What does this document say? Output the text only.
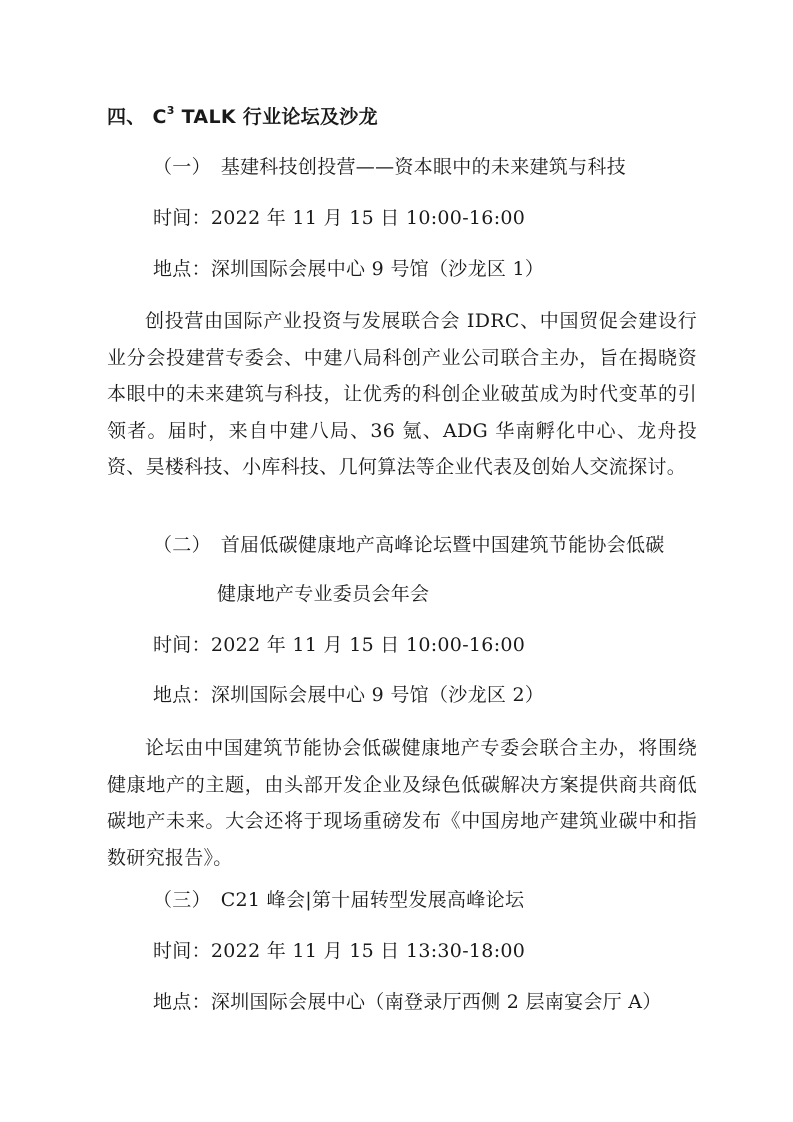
四、 $C^3$ TALK 行业论坛及沙龙
（一）　基建科技创投营——资本眼中的未来建筑与科技
时间：2022 年 11 月 15 日 10:00-16:00
地点：深圳国际会展中心 9 号馆（沙龙区 1）
创投营由国际产业投资与发展联合会 IDRC、中国贸促会建设行业分会投建营专委会、中建八局科创产业公司联合主办，旨在揭晓资本眼中的未来建筑与科技，让优秀的科创企业破茧成为时代变革的引领者。届时，来自中建八局、36 氪、ADG 华南孵化中心、龙舟投资、昊楼科技、小库科技、几何算法等企业代表及创始人交流探讨。
（二）　首届低碳健康地产高峰论坛暨中国建筑节能协会低碳
健康地产专业委员会年会
时间：2022 年 11 月 15 日 10:00-16:00
地点：深圳国际会展中心 9 号馆（沙龙区 2）
论坛由中国建筑节能协会低碳健康地产专委会联合主办，将围绕健康地产的主题，由头部开发企业及绿色低碳解决方案提供商共商低碳地产未来。大会还将于现场重磅发布《中国房地产建筑业碳中和指数研究报告》。
（三）　C21 峰会|第十届转型发展高峰论坛
时间：2022 年 11 月 15 日 13:30-18:00
地点：深圳国际会展中心（南登录厅西侧 2 层南宴会厅 A）
